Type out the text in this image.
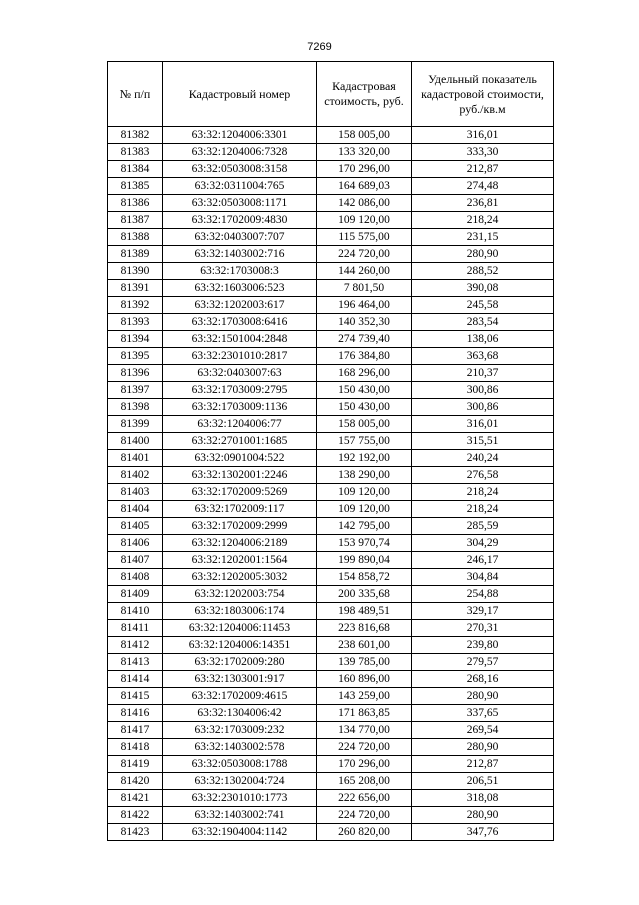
7269
№ п/п	Кадастровый номер	Кадастровая стоимость, руб.	Удельный показатель кадастровой стоимости, руб./кв.м
81382	63:32:1204006:3301	158 005,00	316,01
81383	63:32:1204006:7328	133 320,00	333,30
81384	63:32:0503008:3158	170 296,00	212,87
81385	63:32:0311004:765	164 689,03	274,48
81386	63:32:0503008:1171	142 086,00	236,81
81387	63:32:1702009:4830	109 120,00	218,24
81388	63:32:0403007:707	115 575,00	231,15
81389	63:32:1403002:716	224 720,00	280,90
81390	63:32:1703008:3	144 260,00	288,52
81391	63:32:1603006:523	7 801,50	390,08
81392	63:32:1202003:617	196 464,00	245,58
81393	63:32:1703008:6416	140 352,30	283,54
81394	63:32:1501004:2848	274 739,40	138,06
81395	63:32:2301010:2817	176 384,80	363,68
81396	63:32:0403007:63	168 296,00	210,37
81397	63:32:1703009:2795	150 430,00	300,86
81398	63:32:1703009:1136	150 430,00	300,86
81399	63:32:1204006:77	158 005,00	316,01
81400	63:32:2701001:1685	157 755,00	315,51
81401	63:32:0901004:522	192 192,00	240,24
81402	63:32:1302001:2246	138 290,00	276,58
81403	63:32:1702009:5269	109 120,00	218,24
81404	63:32:1702009:117	109 120,00	218,24
81405	63:32:1702009:2999	142 795,00	285,59
81406	63:32:1204006:2189	153 970,74	304,29
81407	63:32:1202001:1564	199 890,04	246,17
81408	63:32:1202005:3032	154 858,72	304,84
81409	63:32:1202003:754	200 335,68	254,88
81410	63:32:1803006:174	198 489,51	329,17
81411	63:32:1204006:11453	223 816,68	270,31
81412	63:32:1204006:14351	238 601,00	239,80
81413	63:32:1702009:280	139 785,00	279,57
81414	63:32:1303001:917	160 896,00	268,16
81415	63:32:1702009:4615	143 259,00	280,90
81416	63:32:1304006:42	171 863,85	337,65
81417	63:32:1703009:232	134 770,00	269,54
81418	63:32:1403002:578	224 720,00	280,90
81419	63:32:0503008:1788	170 296,00	212,87
81420	63:32:1302004:724	165 208,00	206,51
81421	63:32:2301010:1773	222 656,00	318,08
81422	63:32:1403002:741	224 720,00	280,90
81423	63:32:1904004:1142	260 820,00	347,76
